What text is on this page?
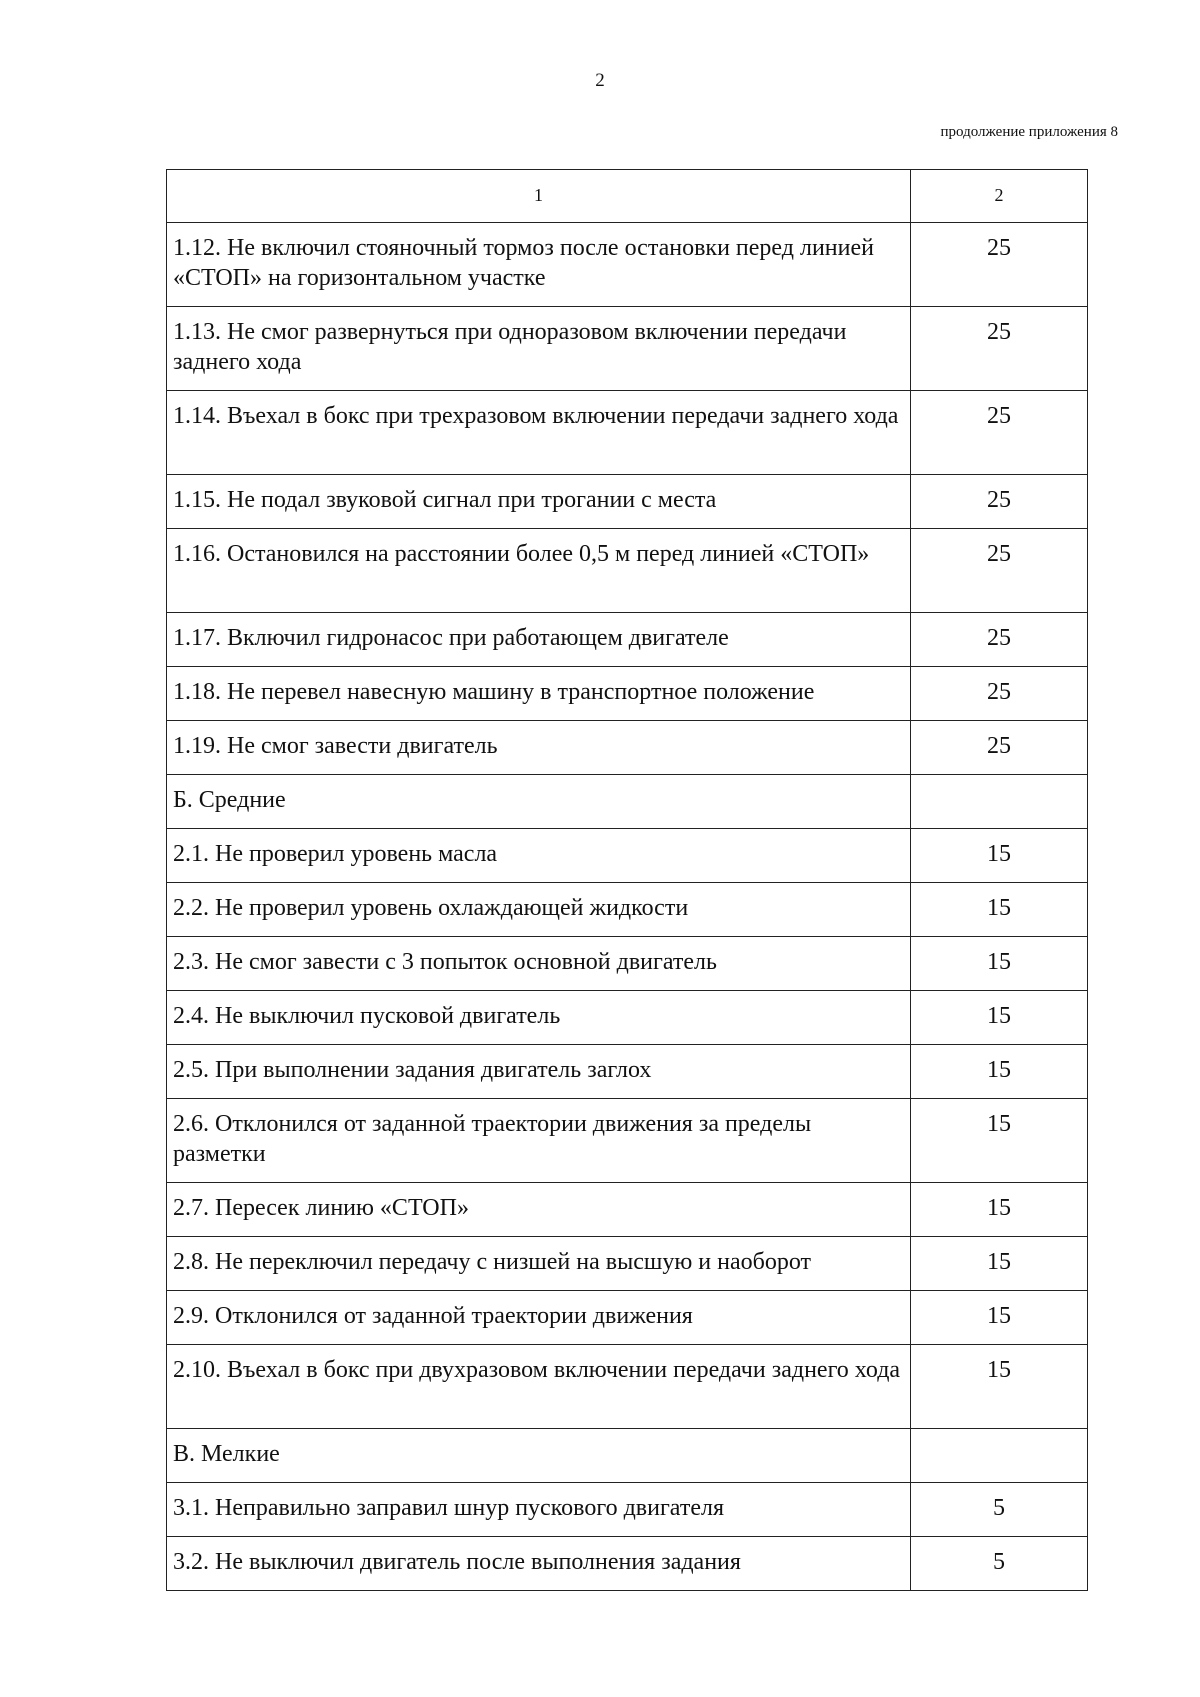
2
продолжение приложения 8
1	2
1.12. Не включил стояночный тормоз после остановки перед линией «СТОП» на горизонтальном участке	25
1.13. Не смог развернуться при одноразовом включении передачи заднего хода	25
1.14. Въехал в бокс при трехразовом включении передачи заднего хода	25
1.15. Не подал звуковой сигнал при трогании с места	25
1.16. Остановился на расстоянии более 0,5 м перед линией «СТОП»	25
1.17. Включил гидронасос при работающем двигателе	25
1.18. Не перевел навесную машину в транспортное положение	25
1.19. Не смог завести двигатель	25
Б. Средние	
2.1. Не проверил уровень масла	15
2.2. Не проверил уровень охлаждающей жидкости	15
2.3. Не смог завести с 3 попыток основной двигатель	15
2.4. Не выключил пусковой двигатель	15
2.5. При выполнении задания двигатель заглох	15
2.6. Отклонился от заданной траектории движения за пределы разметки	15
2.7. Пересек линию «СТОП»	15
2.8. Не переключил передачу с низшей на высшую и наоборот	15
2.9. Отклонился от заданной траектории движения	15
2.10. Въехал в бокс при двухразовом включении передачи заднего хода	15
В. Мелкие	
3.1. Неправильно заправил шнур пускового двигателя	5
3.2. Не выключил двигатель после выполнения задания	5
